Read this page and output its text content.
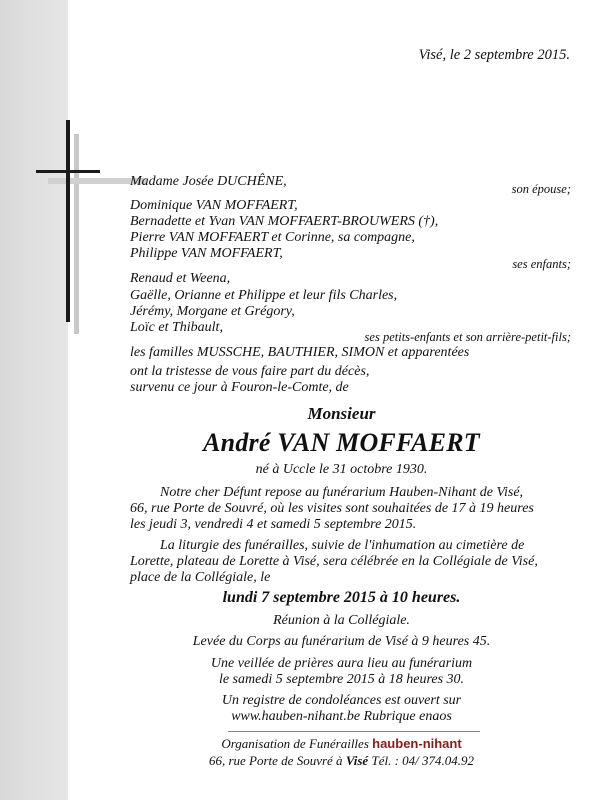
Visé, le 2 septembre 2015.
Madame Josée DUCHÊNE,	son épouse;
Dominique VAN MOFFAERT,
Bernadette et Yvan VAN MOFFAERT-BROUWERS (†),
Pierre VAN MOFFAERT et Corinne, sa compagne,
Philippe VAN MOFFAERT,
ses enfants;
Renaud et Weena,
Gaëlle, Orianne et Philippe et leur fils Charles,
Jérémy, Morgane et Grégory,
Loïc et Thibault,
ses petits-enfants et son arrière-petit-fils;
les familles MUSSCHE, BAUTHIER, SIMON et apparentées
ont la tristesse de vous faire part du décès,
survenu ce jour à Fouron-le-Comte, de
Monsieur
André VAN MOFFAERT
né à Uccle le 31 octobre 1930.
Notre cher Défunt repose au funérarium Hauben-Nihant de Visé,
66, rue Porte de Souvré, où les visites sont souhaitées de 17 à 19 heures
les jeudi 3, vendredi 4 et samedi 5 septembre 2015.
La liturgie des funérailles, suivie de l'inhumation au cimetière de
Lorette, plateau de Lorette à Visé, sera célébrée en la Collégiale de Visé,
place de la Collégiale, le
lundi 7 septembre 2015 à 10 heures.
Réunion à la Collégiale.
Levée du Corps au funérarium de Visé à 9 heures 45.
Une veillée de prières aura lieu au funérarium
le samedi 5 septembre 2015 à 18 heures 30.
Un registre de condoléances est ouvert sur
www.hauben-nihant.be Rubrique enaos
Organisation de Funérailles hauben-nihant
66, rue Porte de Souvré à Visé Tél. : 04/ 374.04.92
